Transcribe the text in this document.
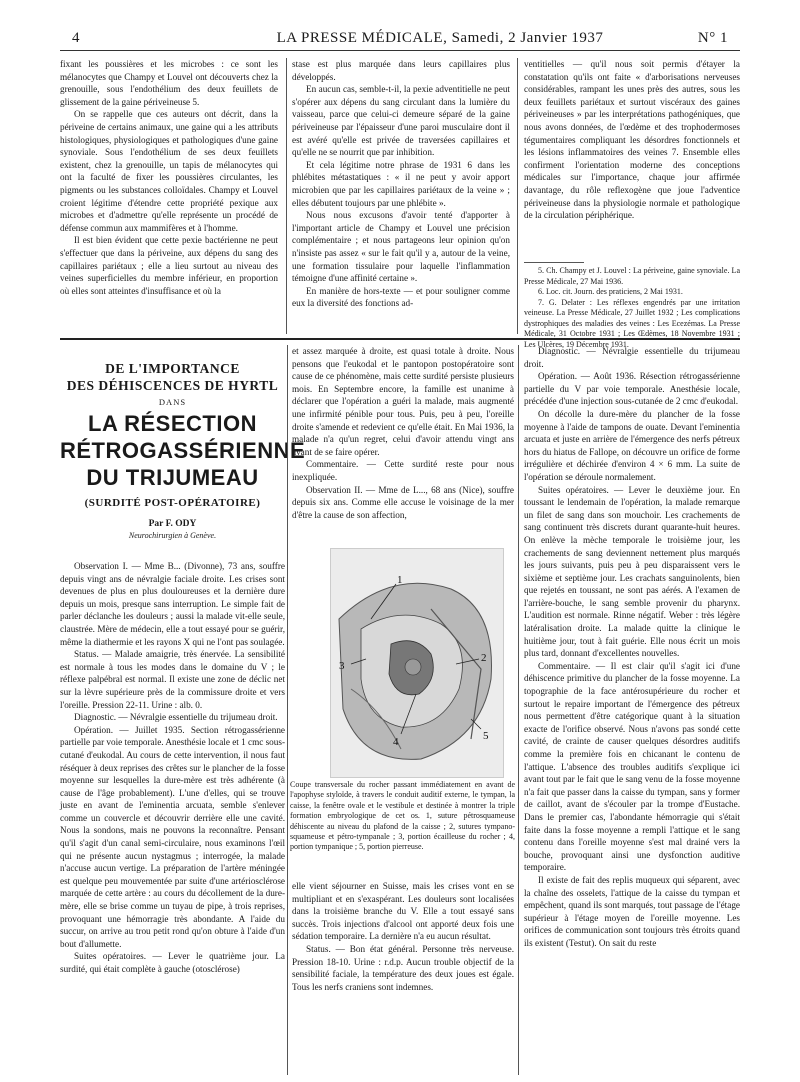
4	LA PRESSE MÉDICALE, Samedi, 2 Janvier 1937	N° 1

fixant les poussières et les microbes : ce sont les mélanocytes que Champy et Louvel ont découverts chez la grenouille, sous l'endothélium des deux feuillets de glissement de la gaine périveineuse 5.

On se rappelle que ces auteurs ont décrit, dans la périveine de certains animaux, une gaine qui a les attributs histologiques, physiologiques et pathologiques d'une gaine synoviale. Sous l'endothélium de ses deux feuillets existent, chez la grenouille, un tapis de mélanocytes qui ont la faculté de fixer les poussières circulantes, les pigments ou les substances colloïdales. Champy et Louvel croient légitime d'étendre cette propriété pexique aux microbes et d'admettre qu'elle représente un procédé de défense commun aux mammifères et à l'homme.

Il est bien évident que cette pexie bactérienne ne peut s'effectuer que dans la périveine, aux dépens du sang des capillaires pariétaux ; elle a lieu surtout au niveau des veines superficielles du membre inférieur, en proportion où elles sont atteintes d'insuffisance et où la

stase est plus marquée dans leurs capillaires plus développés.

En aucun cas, semble-t-il, la pexie adventitielle ne peut s'opérer aux dépens du sang circulant dans la lumière du vaisseau, parce que celui-ci demeure séparé de la gaine périveineuse par l'épaisseur d'une paroi musculaire dont il est avéré qu'elle est privée de traversées capillaires et qu'elle ne se nourrit que par inhibition.

Et cela légitime notre phrase de 1931 6 dans les phlébites métastatiques : « il ne peut y avoir apport microbien que par les capillaires pariétaux de la veine » ; elles débutent toujours par une phlébite ».

Nous nous excusons d'avoir tenté d'apporter à l'important article de Champy et Louvel une précision complémentaire ; et nous partageons leur opinion qu'on n'insiste pas assez « sur le fait qu'il y a, autour de la veine, une formation tissulaire pour laquelle l'inflammation témoigne d'une affinité certaine ».

En manière de hors-texte — et pour souligner comme eux la diversité des fonctions ad-

ventitielles — qu'il nous soit permis d'étayer la constatation qu'ils ont faite « d'arborisations nerveuses considérables, rampant les unes près des autres, sous les deux feuillets pariétaux et surtout viscéraux des gaines périveineuses » par les interprétations pathogéniques, que nous avons données, de l'œdème et des trophodermoses tégumentaires compliquant les désordres fonctionnels et les lésions inflammatoires des veines 7. Ensemble elles confirment l'orientation moderne des conceptions médicales sur l'importance, chaque jour affirmée davantage, du rôle reflexogène que joue l'adventice périveineuse dans la physiologie normale et pathologique de la circulation périphérique.

5. Ch. Champy et J. Louvel : La périveine, gaine synoviale. La Presse Médicale, 27 Mai 1936.

6. Loc. cit. Journ. des praticiens, 2 Mai 1931.

7. G. Delater : Les réflexes engendrés par une irritation veineuse. La Presse Médicale, 27 Juillet 1932 ; Les complications dystrophiques des maladies des veines : Les Ecezémas. La Presse Médicale, 31 Octobre 1931 ; Les Œdèmes, 18 Novembre 1931 ; Les Ulcères, 19 Décembre 1931.

DE L'IMPORTANCE
DES DÉHISCENCES DE HYRTL
DANS
LA RÉSECTION
RÉTROGASSÉRIENNE
DU TRIJUMEAU
(SURDITÉ POST-OPÉRATOIRE)
Par F. ODY
Neurochirurgien à Genève.

Observation I. — Mme B... (Divonne), 73 ans, souffre depuis vingt ans de névralgie faciale droite. Les crises sont devenues de plus en plus douloureuses et la dernière dure depuis un mois, presque sans interruption. Le simple fait de parler déclanche les douleurs ; aussi la malade vit-elle seule, claustrée. Mère de médecin, elle a tout essayé pour se guérir, même la diathermie et les rayons X qui ne l'ont pas soulagée.

Status. — Malade amaigrie, très énervée. La sensibilité est normale à tous les modes dans le domaine du V ; le réflexe palpébral est normal. Il existe une zone de déclic net sur la lèvre supérieure près de la commissure droite et vers l'oreille. Pression 22-11. Urine : alb. 0.

Diagnostic. — Névralgie essentielle du trijumeau droit.

Opération. — Juillet 1935. Section rétrogassérienne partielle par voie temporale. Anesthésie locale et 1 cmc sous-cutané d'eukodal. Au cours de cette intervention, il nous faut réséquer à deux reprises des crêtes sur le plancher de la fosse moyenne sur lesquelles la dure-mère est très adhérente (à cause de l'âge probablement). L'une d'elles, qui se trouve juste en avant de l'eminentia arcuata, semble s'enlever comme un couvercle et découvrir derrière elle une cavité. Nous la sondons, mais ne pouvons la reconnaître. Pensant qu'il s'agit d'un canal semi-circulaire, nous examinons l'œil qui ne présente aucun nystagmus ; interrogée, la malade n'accuse aucun vertige. La préparation de l'artère méningée est quelque peu mouvementée par suite d'une artériosclérose marquée de cette artère : au cours du décollement de la dure-mère, elle se brise comme un tuyau de pipe, à trois reprises, provoquant une hémorragie très abondante. A l'aide du succur, on arrive au trou petit rond qu'on obture à l'aide d'un bout d'allumette.

Suites opératoires. — Lever le quatrième jour. La surdité, qui était complète à gauche (otosclérose)

et assez marquée à droite, est quasi totale à droite. Nous pensons que l'eukodal et le pantopon postopératoire sont cause de ce phénomène, mais cette surdité persiste plusieurs mois. En Septembre encore, la famille est unanime à déclarer que l'opération a guéri la malade, mais augmenté une infirmité pénible pour tous. Puis, peu à peu, l'oreille droite s'amende et redevient ce qu'elle était. En Mai 1936, la malade n'a qu'un regret, celui d'avoir attendu vingt ans avant de se faire opérer.

Commentaire. — Cette surdité reste pour nous inexpliquée.

Observation II. — Mme de L..., 68 ans (Nice), souffre depuis six ans. Comme elle accuse le voisinage de la mer d'être la cause de son affection,

1
2
3
4	5
Coupe transversale du rocher passant immédiatement en avant de l'apophyse styloïde, à travers le conduit auditif externe, le tympan, la caisse, la fenêtre ovale et le vestibule et destinée à montrer la triple formation embryologique de cet os. 1, suture pétrosquameuse déhiscente au niveau du plafond de la caisse ; 2, sutures tympano-squameuse et pétro-tympanale ; 3, portion écailleuse du rocher ; 4, portion tympanique ; 5, portion pierreuse.

elle vient séjourner en Suisse, mais les crises vont en se multipliant et en s'exaspérant. Les douleurs sont localisées dans la troisième branche du V. Elle a tout essayé sans succès. Trois injections d'alcool ont apporté deux fois une sédation temporaire. La dernière n'a eu aucun résultat.

Status. — Bon état général. Personne très nerveuse. Pression 18-10. Urine : r.d.p. Aucun trouble objectif de la sensibilité faciale, la température des deux joues est égale. Tous les nerfs craniens sont indemnes.

Diagnostic. — Névralgie essentielle du trijumeau droit.

Opération. — Août 1936. Résection rétrogassérienne partielle du V par voie temporale. Anesthésie locale, précédée d'une injection sous-cutanée de 2 cmc d'eukodal.

On décolle la dure-mère du plancher de la fosse moyenne à l'aide de tampons de ouate. Devant l'eminentia arcuata et juste en arrière de l'émergence des nerfs pétreux hors du hiatus de Fallope, on découvre un orifice de forme irrégulière et déchirée d'environ 4 × 6 mm. La suite de l'opération se déroule normalement.

Suites opératoires. — Lever le deuxième jour. En toussant le lendemain de l'opération, la malade remarque un filet de sang dans son mouchoir. Les crachements de sang continuent très discrets durant quarante-huit heures. On enlève la mèche temporale le troisième jour, les crachements de sang deviennent nettement plus marqués les jours suivants, puis peu à peu disparaissent vers le sixième et septième jour. Les crachats sanguinolents, bien que rejetés en toussant, ne sont pas aérés. A l'examen de l'arrière-bouche, le sang semble provenir du pharynx. L'audition est normale. Rinne négatif. Weber : très légère latéralisation droite. La malade quitte la clinique le huitième jour, tout à fait guérie. Elle nous écrit un mois plus tard, donnant d'excellentes nouvelles.

Commentaire. — Il est clair qu'il s'agit ici d'une déhiscence primitive du plancher de la fosse moyenne. La topographie de la face antérosupérieure du rocher et surtout le repaire important de l'émergence des pétreux nous permettent d'être catégorique quant à la situation exacte de l'orifice observé. Nous n'avons pas sondé cette cavité, de crainte de causer quelques désordres auditifs comme la première fois en chicanant le contenu de l'attique. L'absence des troubles auditifs s'explique ici avant tout par le fait que le sang venu de la fosse moyenne n'a fait que passer dans la caisse du tympan, sans y former de caillot, avant de s'écouler par la trompe d'Eustache. Dans le premier cas, l'abondante hémorragie qui s'était faite dans la fosse moyenne a rempli l'attique et le sang contenu dans l'oreille moyenne s'est mal drainé vers la bouche, provoquant ainsi une dysfonction auditive temporaire.

Il existe de fait des replis muqueux qui séparent, avec la chaîne des osselets, l'attique de la caisse du tympan et empêchent, quand ils sont marqués, tout passage de l'étage supérieur à l'étage moyen de l'oreille moyenne. Les orifices de communication sont toujours très étroits quand ils existent (Testut). On sait du reste
